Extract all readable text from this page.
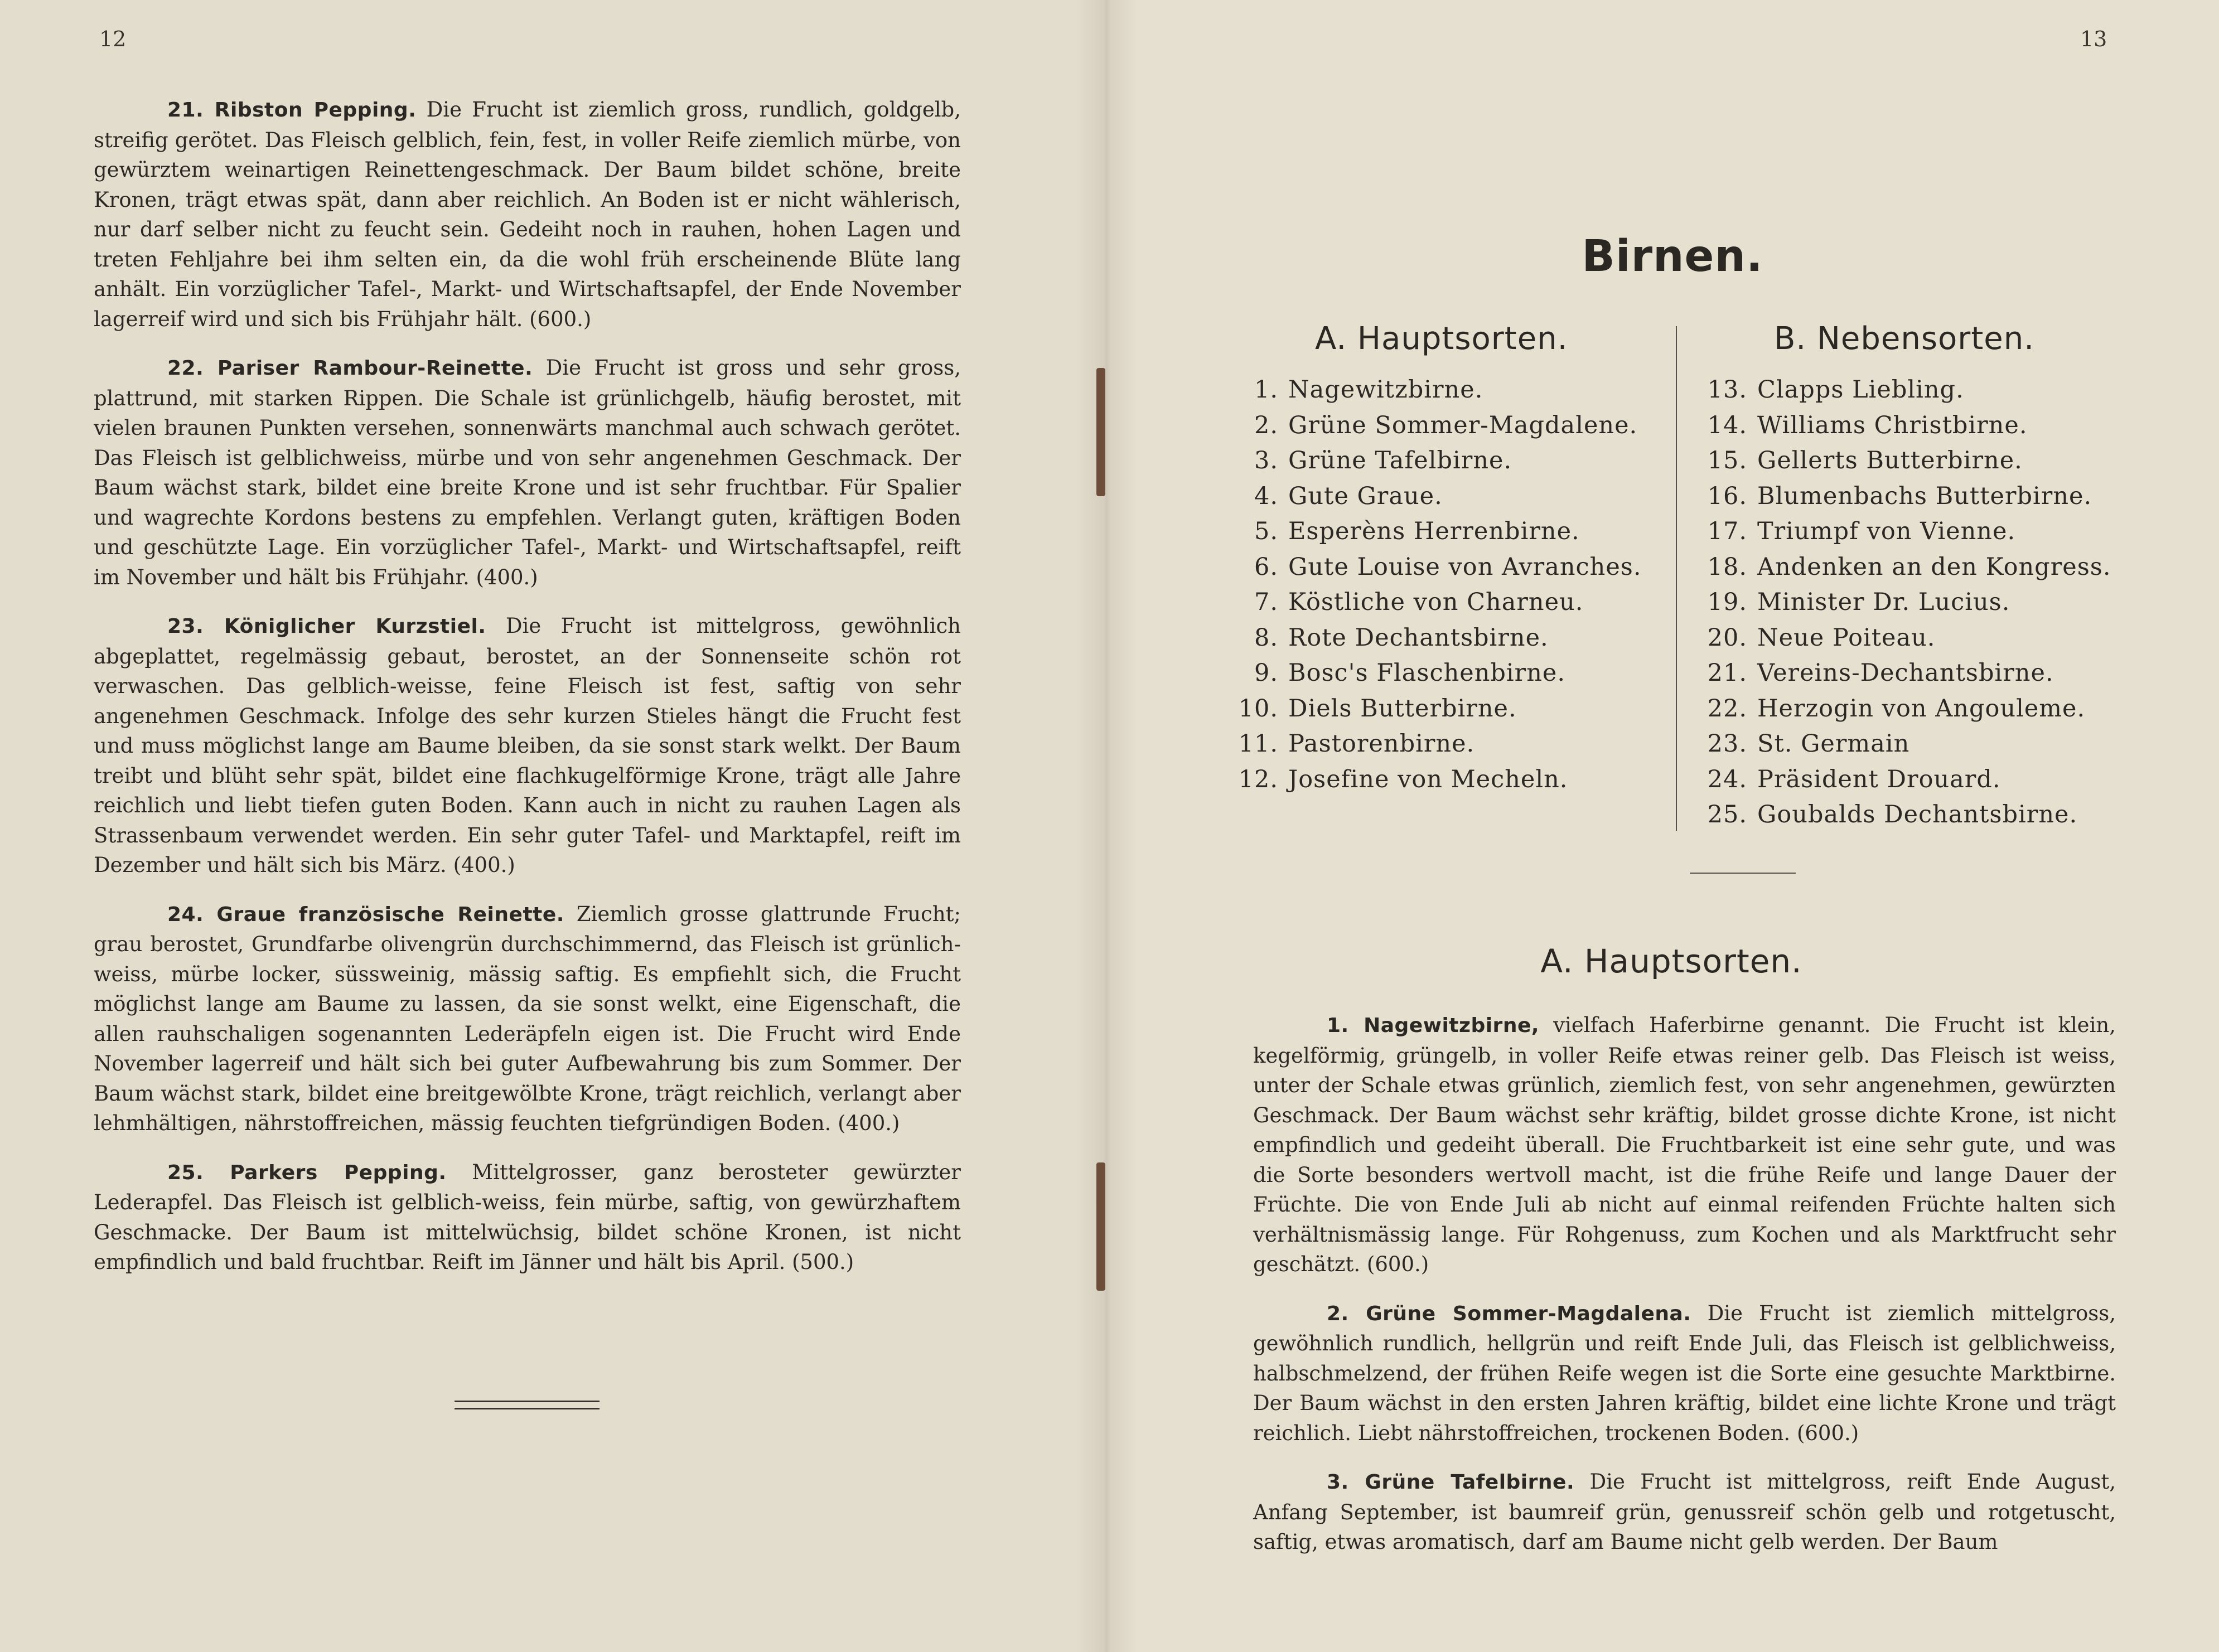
12

21. Ribston Pepping. Die Frucht ist ziemlich gross, rundlich, goldgelb, streifig gerötet. Das Fleisch gelblich, fein, fest, in voller Reife ziemlich mürbe, von gewürztem weinartigen Reinettengeschmack. Der Baum bildet schöne, breite Kronen, trägt etwas spät, dann aber reichlich. An Boden ist er nicht wählerisch, nur darf selber nicht zu feucht sein. Gedeiht noch in rauhen, hohen Lagen und treten Fehljahre bei ihm selten ein, da die wohl früh erscheinende Blüte lang anhält. Ein vorzüglicher Tafel-, Markt- und Wirtschaftsapfel, der Ende November lagerreif wird und sich bis Frühjahr hält. (600.)

22. Pariser Rambour-Reinette. Die Frucht ist gross und sehr gross, plattrund, mit starken Rippen. Die Schale ist grünlichgelb, häufig berostet, mit vielen braunen Punkten versehen, sonnenwärts manchmal auch schwach gerötet. Das Fleisch ist gelblichweiss, mürbe und von sehr angenehmen Geschmack. Der Baum wächst stark, bildet eine breite Krone und ist sehr fruchtbar. Für Spalier und wagrechte Kordons bestens zu empfehlen. Verlangt guten, kräftigen Boden und geschützte Lage. Ein vorzüglicher Tafel-, Markt- und Wirtschaftsapfel, reift im November und hält bis Frühjahr. (400.)

23. Königlicher Kurzstiel. Die Frucht ist mittelgross, gewöhnlich abgeplattet, regelmässig gebaut, berostet, an der Sonnenseite schön rot verwaschen. Das gelblich-weisse, feine Fleisch ist fest, saftig von sehr angenehmen Geschmack. Infolge des sehr kurzen Stieles hängt die Frucht fest und muss möglichst lange am Baume bleiben, da sie sonst stark welkt. Der Baum treibt und blüht sehr spät, bildet eine flachkugelförmige Krone, trägt alle Jahre reichlich und liebt tiefen guten Boden. Kann auch in nicht zu rauhen Lagen als Strassenbaum verwendet werden. Ein sehr guter Tafel- und Marktapfel, reift im Dezember und hält sich bis März. (400.)

24. Graue französische Reinette. Ziemlich grosse glattrunde Frucht; grau berostet, Grundfarbe olivengrün durchschimmernd, das Fleisch ist grünlich-weiss, mürbe locker, süssweinig, mässig saftig. Es empfiehlt sich, die Frucht möglichst lange am Baume zu lassen, da sie sonst welkt, eine Eigenschaft, die allen rauhschaligen sogenannten Lederäpfeln eigen ist. Die Frucht wird Ende November lagerreif und hält sich bei guter Aufbewahrung bis zum Sommer. Der Baum wächst stark, bildet eine breitgewölbte Krone, trägt reichlich, verlangt aber lehmhältigen, nährstoffreichen, mässig feuchten tiefgründigen Boden. (400.)

25. Parkers Pepping. Mittelgrosser, ganz berosteter gewürzter Lederapfel. Das Fleisch ist gelblich-weiss, fein mürbe, saftig, von gewürzhaftem Geschmacke. Der Baum ist mittelwüchsig, bildet schöne Kronen, ist nicht empfindlich und bald fruchtbar. Reift im Jänner und hält bis April. (500.)

13
Birnen.
A. Hauptsorten.	B. Nebensorten.
1. Nagewitzbirne.
2. Grüne Sommer-Magdalene.
3. Grüne Tafelbirne.
4. Gute Graue.
5. Esperèns Herrenbirne.
6. Gute Louise von Avranches.
7. Köstliche von Charneu.
8. Rote Dechantsbirne.
9. Bosc's Flaschenbirne.
10. Diels Butterbirne.
11. Pastorenbirne.
12. Josefine von Mecheln.
13. Clapps Liebling.
14. Williams Christbirne.
15. Gellerts Butterbirne.
16. Blumenbachs Butterbirne.
17. Triumpf von Vienne.
18. Andenken an den Kongress.
19. Minister Dr. Lucius.
20. Neue Poiteau.
21. Vereins-Dechantsbirne.
22. Herzogin von Angouleme.
23. St. Germain
24. Präsident Drouard.
25. Goubalds Dechantsbirne.
A. Hauptsorten.

1. Nagewitzbirne, vielfach Haferbirne genannt. Die Frucht ist klein, kegelförmig, grüngelb, in voller Reife etwas reiner gelb. Das Fleisch ist weiss, unter der Schale etwas grünlich, ziemlich fest, von sehr angenehmen, gewürzten Geschmack. Der Baum wächst sehr kräftig, bildet grosse dichte Krone, ist nicht empfindlich und gedeiht überall. Die Fruchtbarkeit ist eine sehr gute, und was die Sorte besonders wertvoll macht, ist die frühe Reife und lange Dauer der Früchte. Die von Ende Juli ab nicht auf einmal reifenden Früchte halten sich verhältnismässig lange. Für Rohgenuss, zum Kochen und als Marktfrucht sehr geschätzt. (600.)

2. Grüne Sommer-Magdalena. Die Frucht ist ziemlich mittelgross, gewöhnlich rundlich, hellgrün und reift Ende Juli, das Fleisch ist gelblichweiss, halbschmelzend, der frühen Reife wegen ist die Sorte eine gesuchte Marktbirne. Der Baum wächst in den ersten Jahren kräftig, bildet eine lichte Krone und trägt reichlich. Liebt nährstoffreichen, trockenen Boden. (600.)

3. Grüne Tafelbirne. Die Frucht ist mittelgross, reift Ende August, Anfang September, ist baumreif grün, genussreif schön gelb und rotgetuscht, saftig, etwas aromatisch, darf am Baume nicht gelb werden. Der Baum
